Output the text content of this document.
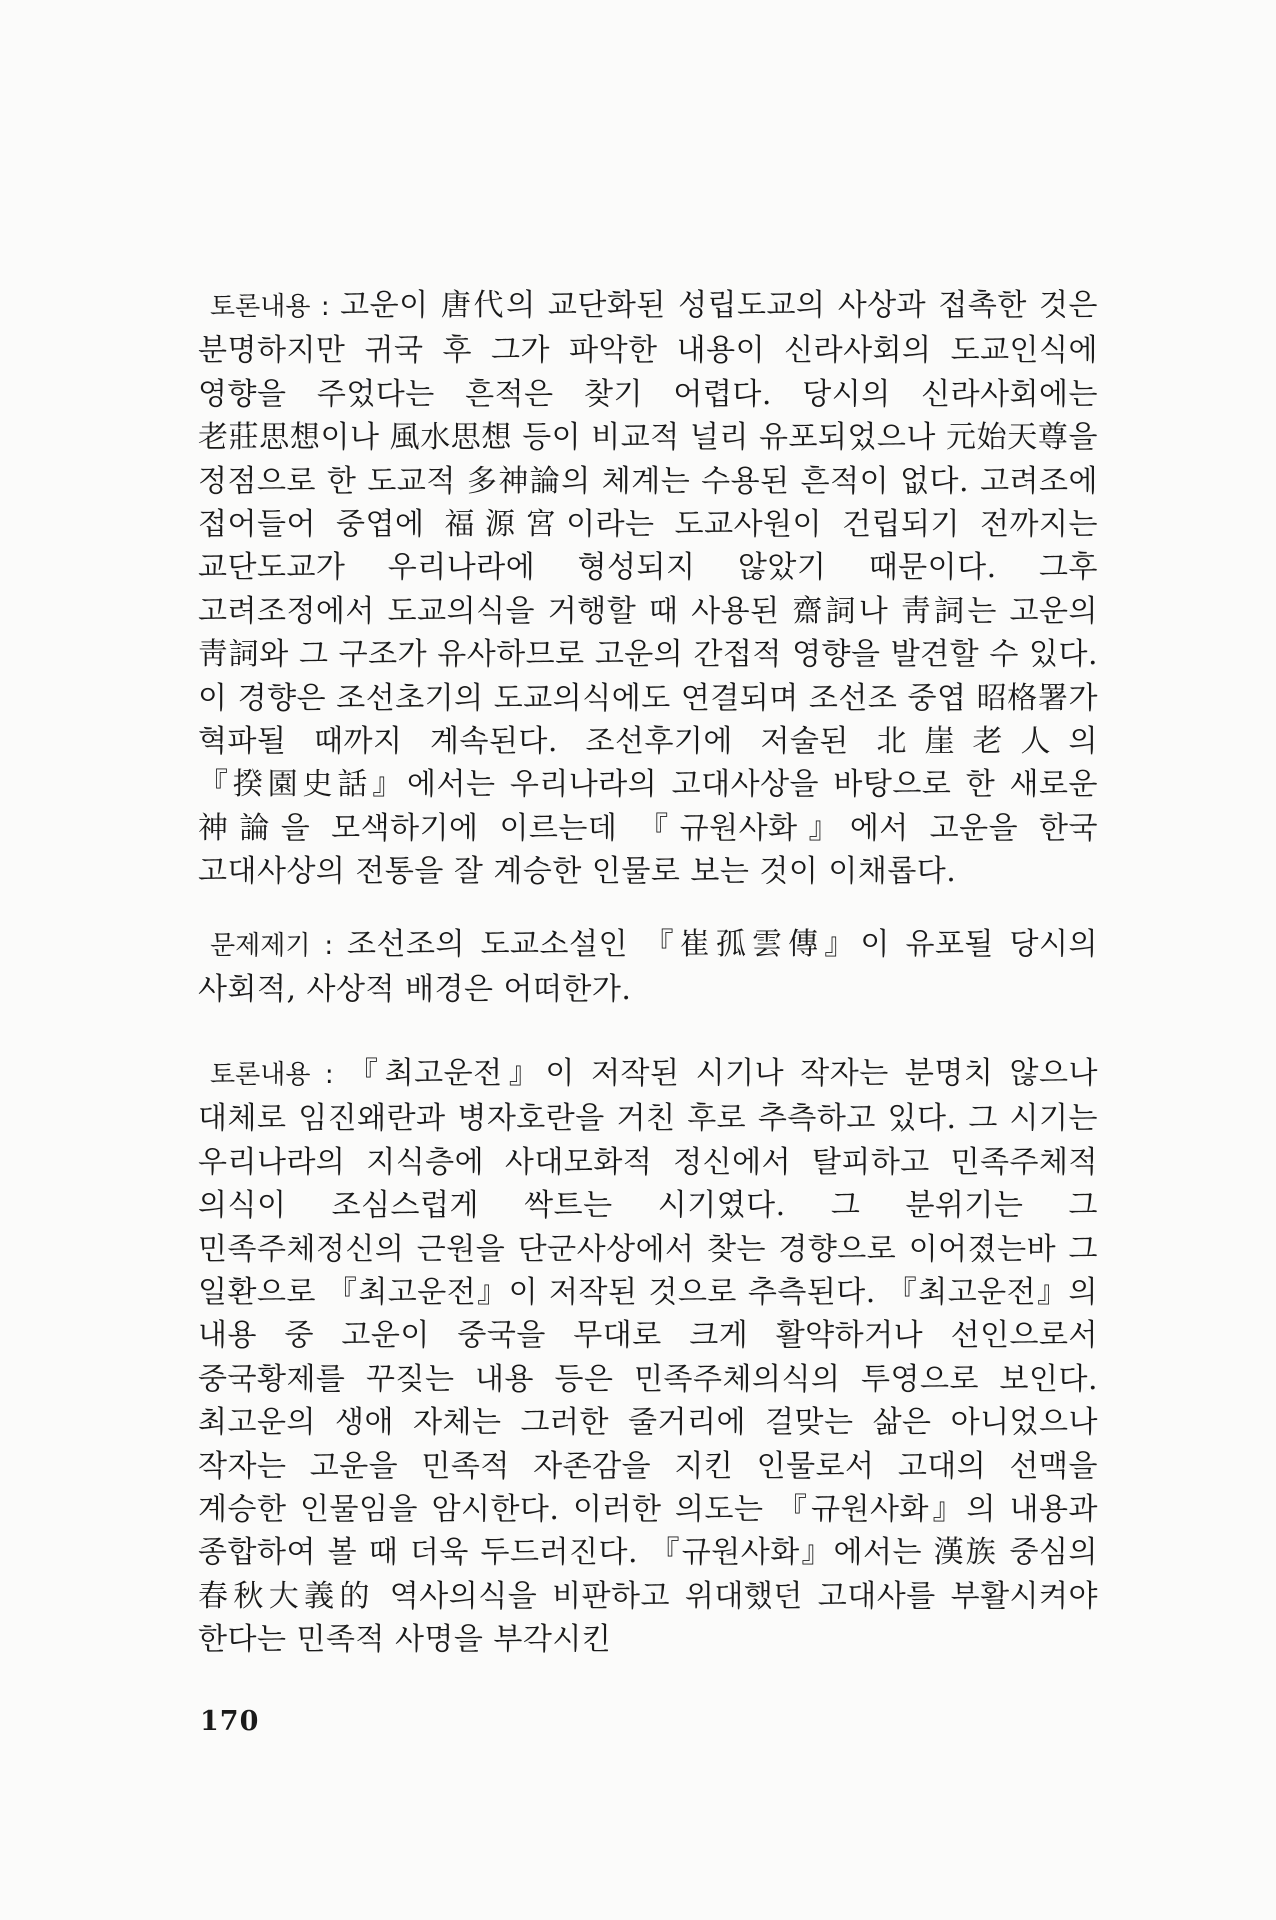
토론내용 : 고운이 唐代의 교단화된 성립도교의 사상과 접촉한 것은 분명하지만 귀국 후 그가 파악한 내용이 신라사회의 도교인식에 영향을 주었다는 흔적은 찾기 어렵다. 당시의 신라사회에는 老莊思想이나 風水思想 등이 비교적 널리 유포되었으나 元始天尊을 정점으로 한 도교적 多神論의 체계는 수용된 흔적이 없다. 고려조에 접어들어 중엽에 福源宮이라는 도교사원이 건립되기 전까지는 교단도교가 우리나라에 형성되지 않았기 때문이다. 그후 고려조정에서 도교의식을 거행할 때 사용된 齋詞나 靑詞는 고운의 靑詞와 그 구조가 유사하므로 고운의 간접적 영향을 발견할 수 있다. 이 경향은 조선초기의 도교의식에도 연결되며 조선조 중엽 昭格署가 혁파될 때까지 계속된다. 조선후기에 저술된 北崖老人의 『揆園史話』에서는 우리나라의 고대사상을 바탕으로 한 새로운 神論을 모색하기에 이르는데 『규원사화』에서 고운을 한국 고대사상의 전통을 잘 계승한 인물로 보는 것이 이채롭다.
문제제기 : 조선조의 도교소설인 『崔孤雲傳』이 유포될 당시의 사회적, 사상적 배경은 어떠한가.
토론내용 : 『최고운전』이 저작된 시기나 작자는 분명치 않으나 대체로 임진왜란과 병자호란을 거친 후로 추측하고 있다. 그 시기는 우리나라의 지식층에 사대모화적 정신에서 탈피하고 민족주체적 의식이 조심스럽게 싹트는 시기였다. 그 분위기는 그 민족주체정신의 근원을 단군사상에서 찾는 경향으로 이어졌는바 그 일환으로 『최고운전』이 저작된 것으로 추측된다. 『최고운전』의 내용 중 고운이 중국을 무대로 크게 활약하거나 선인으로서 중국황제를 꾸짖는 내용 등은 민족주체의식의 투영으로 보인다. 최고운의 생애 자체는 그러한 줄거리에 걸맞는 삶은 아니었으나 작자는 고운을 민족적 자존감을 지킨 인물로서 고대의 선맥을 계승한 인물임을 암시한다. 이러한 의도는 『규원사화』의 내용과 종합하여 볼 때 더욱 두드러진다. 『규원사화』에서는 漢族 중심의 春秋大義的 역사의식을 비판하고 위대했던 고대사를 부활시켜야 한다는 민족적 사명을 부각시킨
170
